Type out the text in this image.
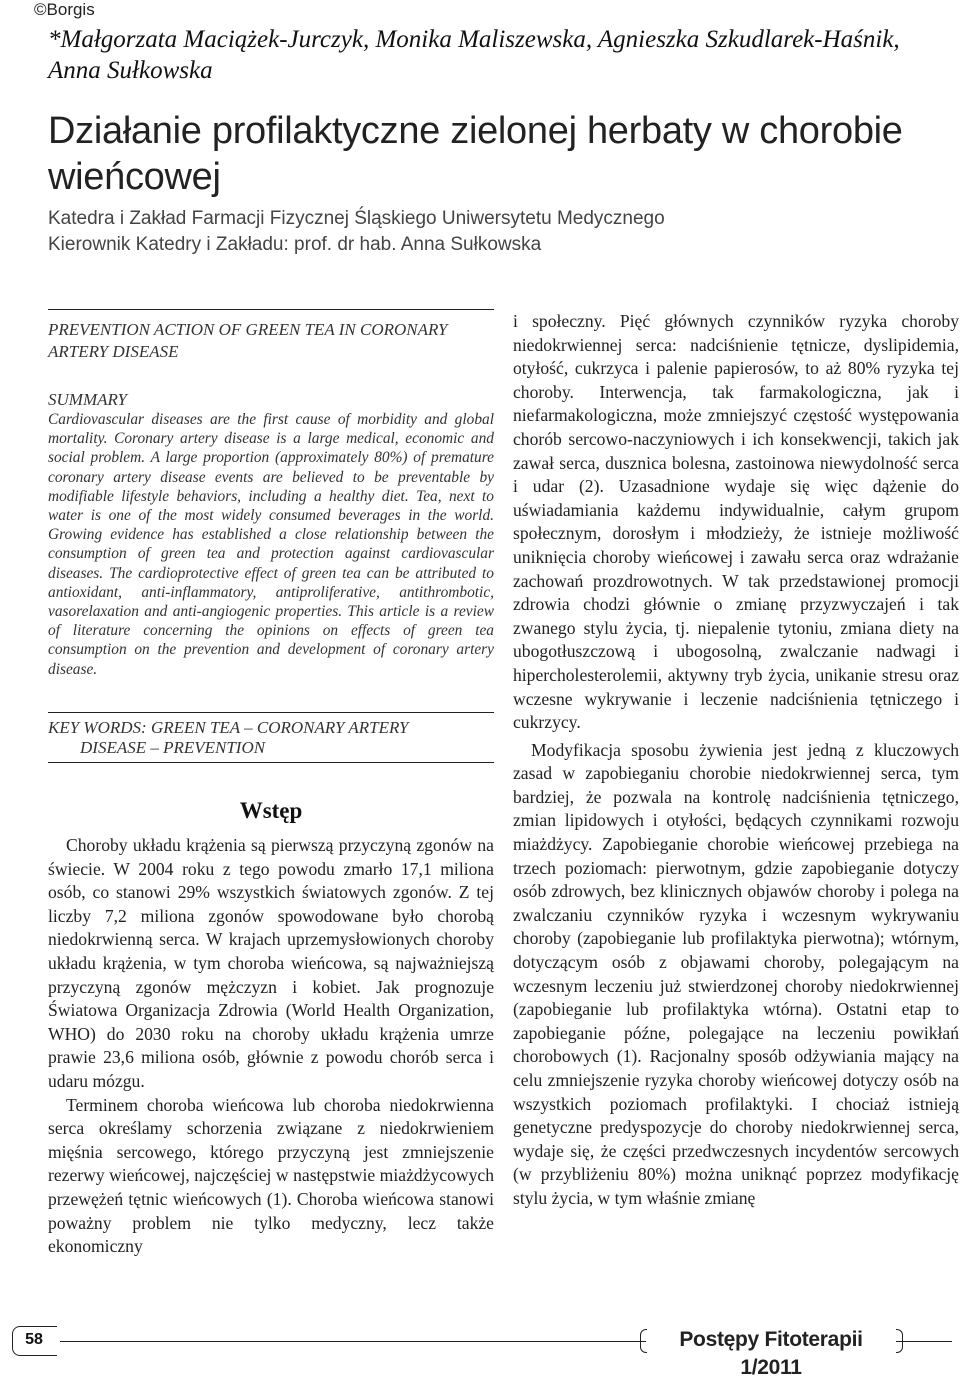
©Borgis
*Małgorzata Maciążek-Jurczyk, Monika Maliszewska, Agnieszka Szkudlarek-Haśnik, Anna Sułkowska
Działanie profilaktyczne zielonej herbaty w chorobie wieńcowej
Katedra i Zakład Farmacji Fizycznej Śląskiego Uniwersytetu Medycznego
Kierownik Katedry i Zakładu: prof. dr hab. Anna Sułkowska
PREVENTION ACTION OF GREEN TEA IN CORONARY ARTERY DISEASE
SUMMARY
Cardiovascular diseases are the first cause of morbidity and global mortality. Coronary artery disease is a large medical, economic and social problem. A large proportion (approximately 80%) of premature coronary artery disease events are believed to be preventable by modifiable lifestyle behaviors, including a healthy diet. Tea, next to water is one of the most widely consumed beverages in the world. Growing evidence has established a close relationship between the consumption of green tea and protection against cardiovascular diseases. The cardioprotective effect of green tea can be attributed to antioxidant, anti-inflammatory, antiproliferative, antithrombotic, vasorelaxation and anti-angiogenic properties. This article is a review of literature concerning the opinions on effects of green tea consumption on the prevention and development of coronary artery disease.
KEY WORDS: GREEN TEA – CORONARY ARTERY
DISEASE – PREVENTION
Wstęp

Choroby układu krążenia są pierwszą przyczyną zgonów na świecie. W 2004 roku z tego powodu zmarło 17,1 miliona osób, co stanowi 29% wszystkich światowych zgonów. Z tej liczby 7,2 miliona zgonów spowodowane było chorobą niedokrwienną serca. W krajach uprzemysłowionych choroby układu krążenia, w tym choroba wieńcowa, są najważniejszą przyczyną zgonów mężczyzn i kobiet. Jak prognozuje Światowa Organizacja Zdrowia (World Health Organization, WHO) do 2030 roku na choroby układu krążenia umrze prawie 23,6 miliona osób, głównie z powodu chorób serca i udaru mózgu.

Terminem choroba wieńcowa lub choroba niedokrwienna serca określamy schorzenia związane z niedokrwieniem mięśnia sercowego, którego przyczyną jest zmniejszenie rezerwy wieńcowej, najczęściej w następstwie miażdżycowych przewężeń tętnic wieńcowych (1). Choroba wieńcowa stanowi poważny problem nie tylko medyczny, lecz także ekonomiczny

i społeczny. Pięć głównych czynników ryzyka choroby niedokrwiennej serca: nadciśnienie tętnicze, dyslipidemia, otyłość, cukrzyca i palenie papierosów, to aż 80% ryzyka tej choroby. Interwencja, tak farmakologiczna, jak i niefarmakologiczna, może zmniejszyć częstość występowania chorób sercowo-naczyniowych i ich konsekwencji, takich jak zawał serca, dusznica bolesna, zastoinowa niewydolność serca i udar (2). Uzasadnione wydaje się więc dążenie do uświadamiania każdemu indywidualnie, całym grupom społecznym, dorosłym i młodzieży, że istnieje możliwość uniknięcia choroby wieńcowej i zawału serca oraz wdrażanie zachowań prozdrowotnych. W tak przedstawionej promocji zdrowia chodzi głównie o zmianę przyzwyczajeń i tak zwanego stylu życia, tj. niepalenie tytoniu, zmiana diety na ubogotłuszczową i ubogosolną, zwalczanie nadwagi i hipercholesterolemii, aktywny tryb życia, unikanie stresu oraz wczesne wykrywanie i leczenie nadciśnienia tętniczego i cukrzycy.

Modyfikacja sposobu żywienia jest jedną z kluczowych zasad w zapobieganiu chorobie niedokrwiennej serca, tym bardziej, że pozwala na kontrolę nadciśnienia tętniczego, zmian lipidowych i otyłości, będących czynnikami rozwoju miażdżycy. Zapobieganie chorobie wieńcowej przebiega na trzech poziomach: pierwotnym, gdzie zapobieganie dotyczy osób zdrowych, bez klinicznych objawów choroby i polega na zwalczaniu czynników ryzyka i wczesnym wykrywaniu choroby (zapobieganie lub profilaktyka pierwotna); wtórnym, dotyczącym osób z objawami choroby, polegającym na wczesnym leczeniu już stwierdzonej choroby niedokrwiennej (zapobieganie lub profilaktyka wtórna). Ostatni etap to zapobieganie późne, polegające na leczeniu powikłań chorobowych (1). Racjonalny sposób odżywiania mający na celu zmniejszenie ryzyka choroby wieńcowej dotyczy osób na wszystkich poziomach profilaktyki. I chociaż istnieją genetyczne predyspozycje do choroby niedokrwiennej serca, wydaje się, że części przedwczesnych incydentów sercowych (w przybliżeniu 80%) można uniknąć poprzez modyfikację stylu życia, w tym właśnie zmianę

58	Postępy Fitoterapii 1/2011
